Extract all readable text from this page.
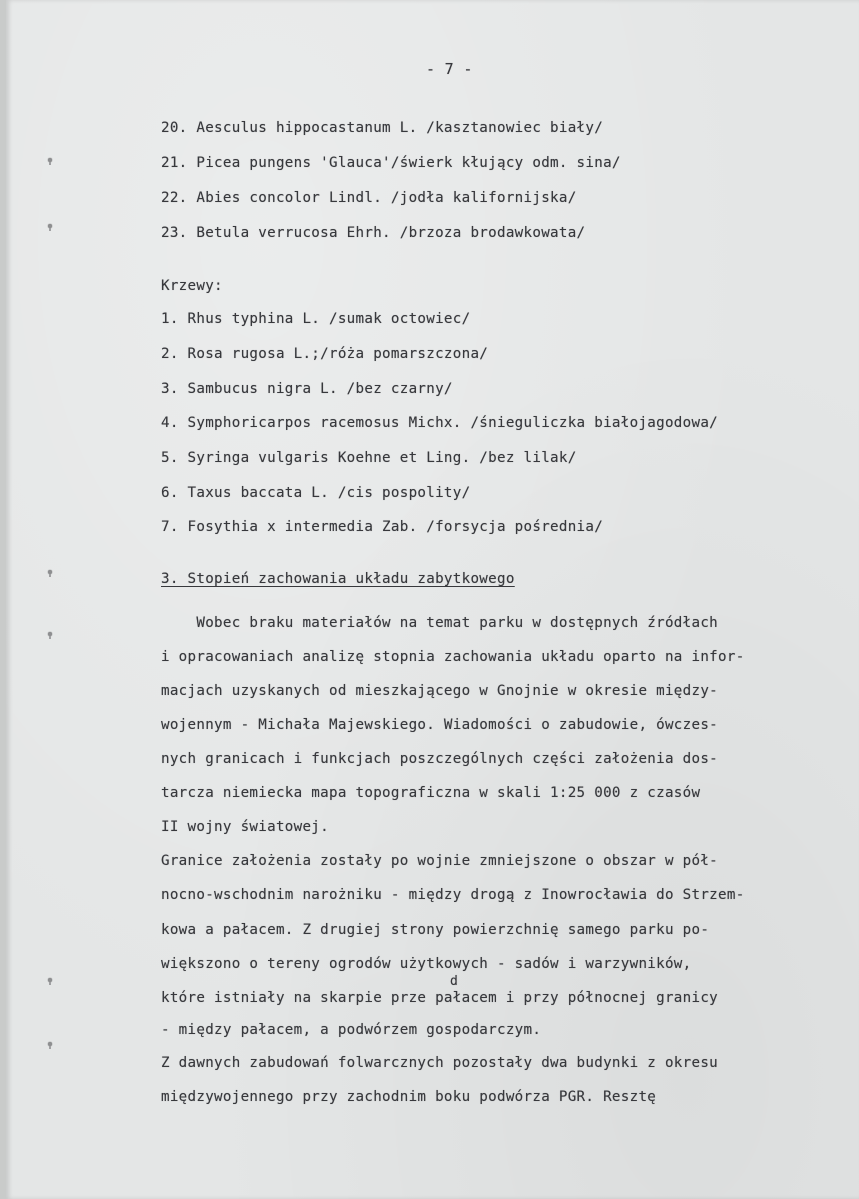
- 7 -

20. Aesculus hippocastanum L. /kasztanowiec biały/

21. Picea pungens 'Glauca'/świerk kłujący odm. sina/

22. Abies concolor Lindl. /jodła kalifornijska/

23. Betula verrucosa Ehrh. /brzoza brodawkowata/

Krzewy:

1. Rhus typhina L. /sumak octowiec/

2. Rosa rugosa L.;/róża pomarszczona/

3. Sambucus nigra L. /bez czarny/

4. Symphoricarpos racemosus Michx. /śnieguliczka białojagodowa/

5. Syringa vulgaris Koehne et Ling. /bez lilak/

6. Taxus baccata L. /cis pospolity/

7. Fosythia x intermedia Zab. /forsycja pośrednia/

3. Stopień zachowania układu zabytkowego

Wobec braku materiałów na temat parku w dostępnych źródłach

i opracowaniach analizę stopnia zachowania układu oparto na infor-

macjach uzyskanych od mieszkającego w Gnojnie w okresie między-

wojennym - Michała Majewskiego. Wiadomości o zabudowie, ówczes-

nych granicach i funkcjach poszczególnych części założenia dos-

tarcza niemiecka mapa topograficzna w skali 1:25 000 z czasów

II wojny światowej.

Granice założenia zostały po wojnie zmniejszone o obszar w pół-

nocno-wschodnim narożniku - między drogą z Inowrocławia do Strzem-

kowa a pałacem. Z drugiej strony powierzchnię samego parku po-

większono o tereny ogrodów użytkowych - sadów i warzywników,

d

które istniały na skarpie prze pałacem i przy północnej granicy

- między pałacem, a podwórzem gospodarczym.

Z dawnych zabudowań folwarcznych pozostały dwa budynki z okresu

międzywojennego przy zachodnim boku podwórza PGR. Resztę
